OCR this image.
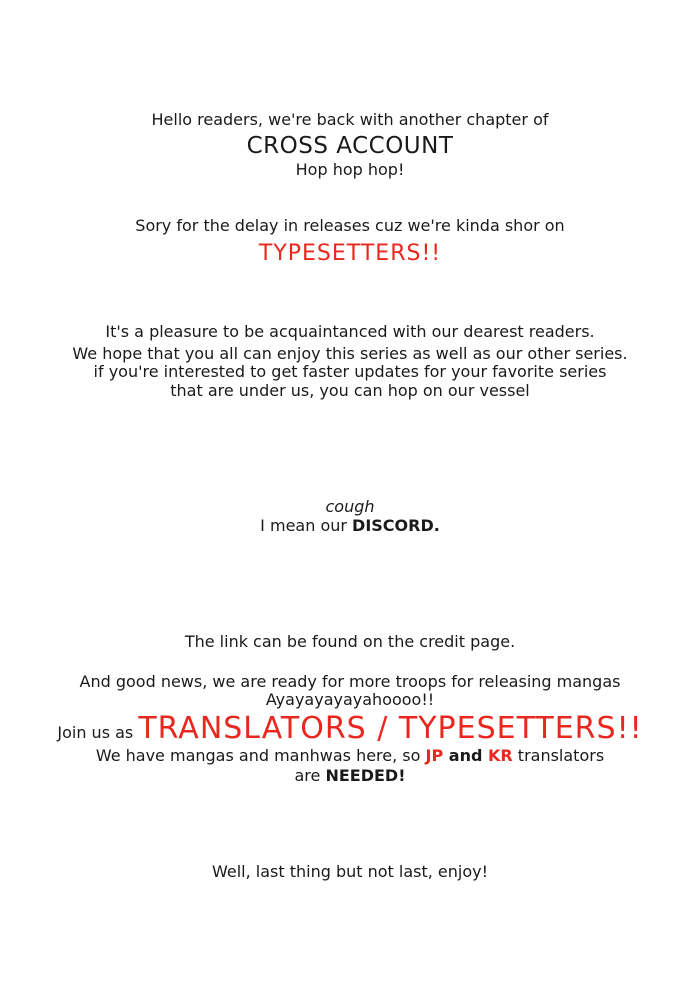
Hello readers, we're back with another chapter of
CROSS ACCOUNT
Hop hop hop!
Sory for the delay in releases cuz we're kinda shor on
TYPESETTERS!!
It's a pleasure to be acquaintanced with our dearest readers.
We hope that you all can enjoy this series as well as our other series.
if you're interested to get faster updates for your favorite series
that are under us, you can hop on our vessel
cough
I mean our DISCORD.
The link can be found on the credit page.
And good news, we are ready for more troops for releasing mangas
Ayayayayayahoooo!!
Join us as TRANSLATORS / TYPESETTERS!!
We have mangas and manhwas here, so JP and KR translators
are NEEDED!
Well, last thing but not last, enjoy!
